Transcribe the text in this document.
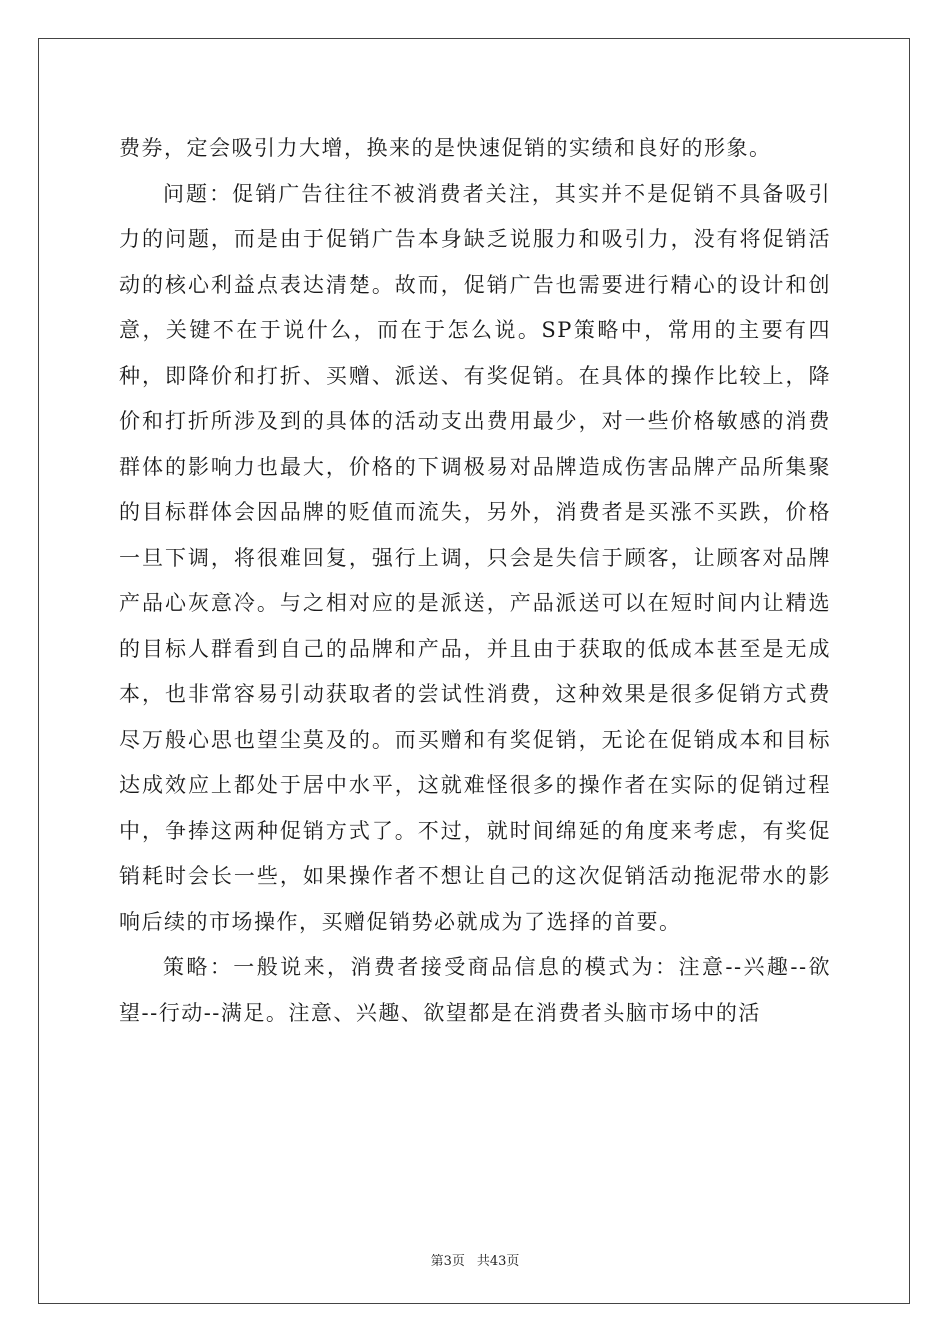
费券，定会吸引力大增，换来的是快速促销的实绩和良好的形象。

问题：促销广告往往不被消费者关注，其实并不是促销不具备吸引力的问题，而是由于促销广告本身缺乏说服力和吸引力，没有将促销活动的核心利益点表达清楚。故而，促销广告也需要进行精心的设计和创意，关键不在于说什么，而在于怎么说。SP策略中，常用的主要有四种，即降价和打折、买赠、派送、有奖促销。在具体的操作比较上，降价和打折所涉及到的具体的活动支出费用最少，对一些价格敏感的消费群体的影响力也最大，价格的下调极易对品牌造成伤害品牌产品所集聚的目标群体会因品牌的贬值而流失，另外，消费者是买涨不买跌，价格一旦下调，将很难回复，强行上调，只会是失信于顾客，让顾客对品牌产品心灰意冷。与之相对应的是派送，产品派送可以在短时间内让精选的目标人群看到自己的品牌和产品，并且由于获取的低成本甚至是无成本，也非常容易引动获取者的尝试性消费，这种效果是很多促销方式费尽万般心思也望尘莫及的。而买赠和有奖促销，无论在促销成本和目标达成效应上都处于居中水平，这就难怪很多的操作者在实际的促销过程中，争捧这两种促销方式了。不过，就时间绵延的角度来考虑，有奖促销耗时会长一些，如果操作者不想让自己的这次促销活动拖泥带水的影响后续的市场操作，买赠促销势必就成为了选择的首要。

策略：一般说来，消费者接受商品信息的模式为：注意--兴趣--欲望--行动--满足。注意、兴趣、欲望都是在消费者头脑市场中的活

第3页 共43页
